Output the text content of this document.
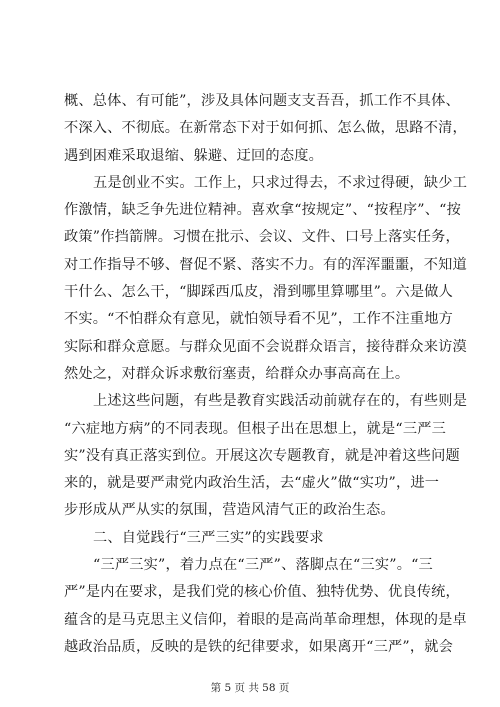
概、总体、有可能”，涉及具体问题支支吾吾，抓工作不具体、
不深入、不彻底。在新常态下对于如何抓、怎么做，思路不清，
遇到困难采取退缩、躲避、迂回的态度。

五是创业不实。工作上，只求过得去，不求过得硬，缺少工
作激情，缺乏争先进位精神。喜欢拿“按规定”、“按程序”、“按
政策”作挡箭牌。习惯在批示、会议、文件、口号上落实任务，
对工作指导不够、督促不紧、落实不力。有的浑浑噩噩，不知道
干什么、怎么干，“脚踩西瓜皮，滑到哪里算哪里”。六是做人
不实。“不怕群众有意见，就怕领导看不见”，工作不注重地方
实际和群众意愿。与群众见面不会说群众语言，接待群众来访漠
然处之，对群众诉求敷衍塞责，给群众办事高高在上。

上述这些问题，有些是教育实践活动前就存在的，有些则是
“六症地方病”的不同表现。但根子出在思想上，就是“三严三
实”没有真正落实到位。开展这次专题教育，就是冲着这些问题
来的，就是要严肃党内政治生活，去“虚火”做“实功”，进一
步形成从严从实的氛围，营造风清气正的政治生态。

二、自觉践行“三严三实”的实践要求

“三严三实”，着力点在“三严”、落脚点在“三实”。“三
严”是内在要求，是我们党的核心价值、独特优势、优良传统，
蕴含的是马克思主义信仰，着眼的是高尚革命理想，体现的是卓
越政治品质，反映的是铁的纪律要求，如果离开“三严”，就会

第 5 页 共 58 页
